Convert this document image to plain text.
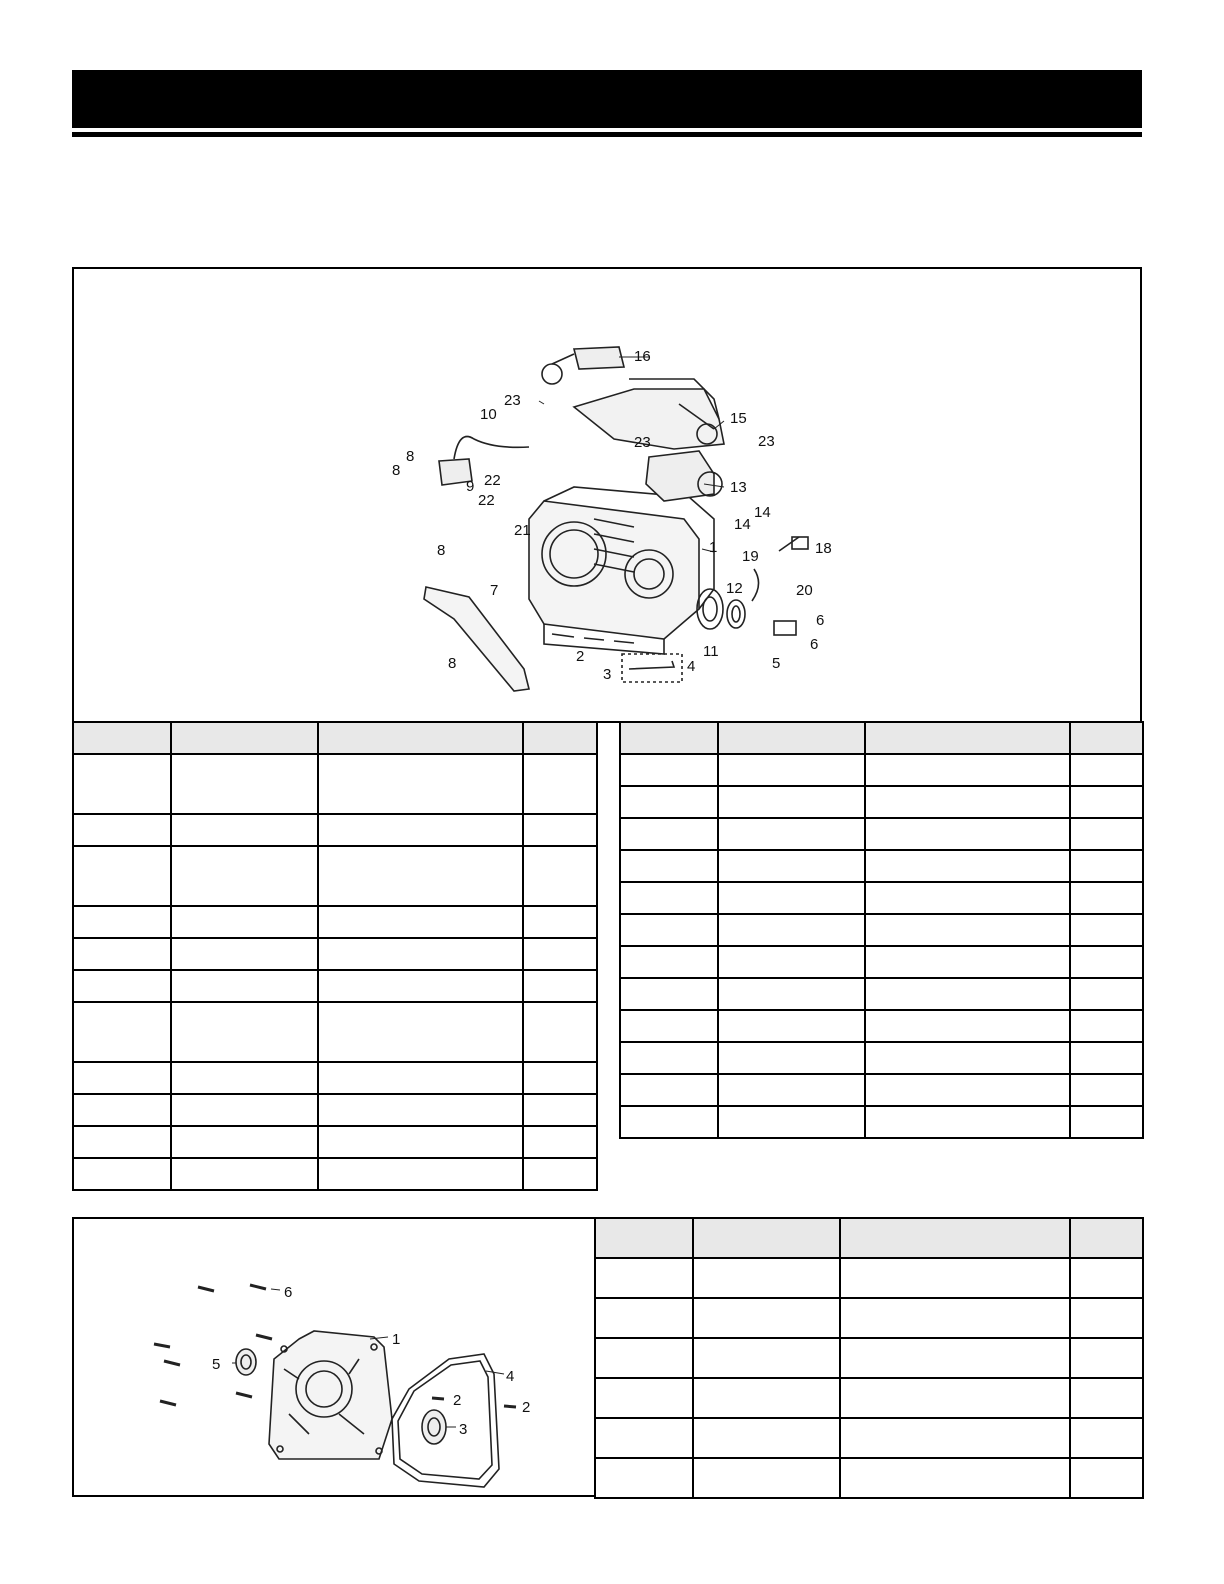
1
2
3	4	5
6
6
7
8
8
8
8
9
10
11
12
13
14
14
15
16
18
19
20
21
22
22
23
23	23

1
2	2
3
4
5
6
